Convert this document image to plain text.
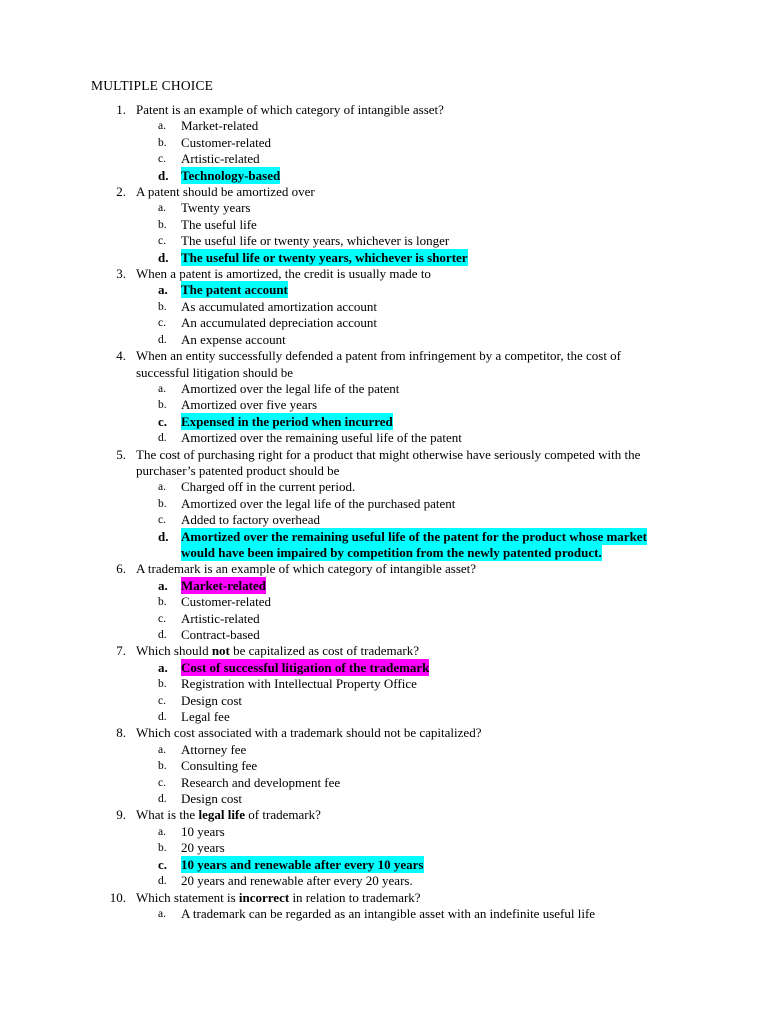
MULTIPLE CHOICE
1. Patent is an example of which category of intangible asset?
a. Market-related
b. Customer-related
c. Artistic-related
d. Technology-based
2. A patent should be amortized over
a. Twenty years
b. The useful life
c. The useful life or twenty years, whichever is longer
d. The useful life or twenty years, whichever is shorter
3. When a patent is amortized, the credit is usually made to
a. The patent account
b. As accumulated amortization account
c. An accumulated depreciation account
d. An expense account
4. When an entity successfully defended a patent from infringement by a competitor, the cost of successful litigation should be
a. Amortized over the legal life of the patent
b. Amortized over five years
c. Expensed in the period when incurred
d. Amortized over the remaining useful life of the patent
5. The cost of purchasing right for a product that might otherwise have seriously competed with the purchaser’s patented product should be
a. Charged off in the current period.
b. Amortized over the legal life of the purchased patent
c. Added to factory overhead
d. Amortized over the remaining useful life of the patent for the product whose market would have been impaired by competition from the newly patented product.
6. A trademark is an example of which category of intangible asset?
a. Market-related
b. Customer-related
c. Artistic-related
d. Contract-based
7. Which should not be capitalized as cost of trademark?
a. Cost of successful litigation of the trademark
b. Registration with Intellectual Property Office
c. Design cost
d. Legal fee
8. Which cost associated with a trademark should not be capitalized?
a. Attorney fee
b. Consulting fee
c. Research and development fee
d. Design cost
9. What is the legal life of trademark?
a. 10 years
b. 20 years
c. 10 years and renewable after every 10 years
d. 20 years and renewable after every 20 years.
10. Which statement is incorrect in relation to trademark?
a. A trademark can be regarded as an intangible asset with an indefinite useful life
